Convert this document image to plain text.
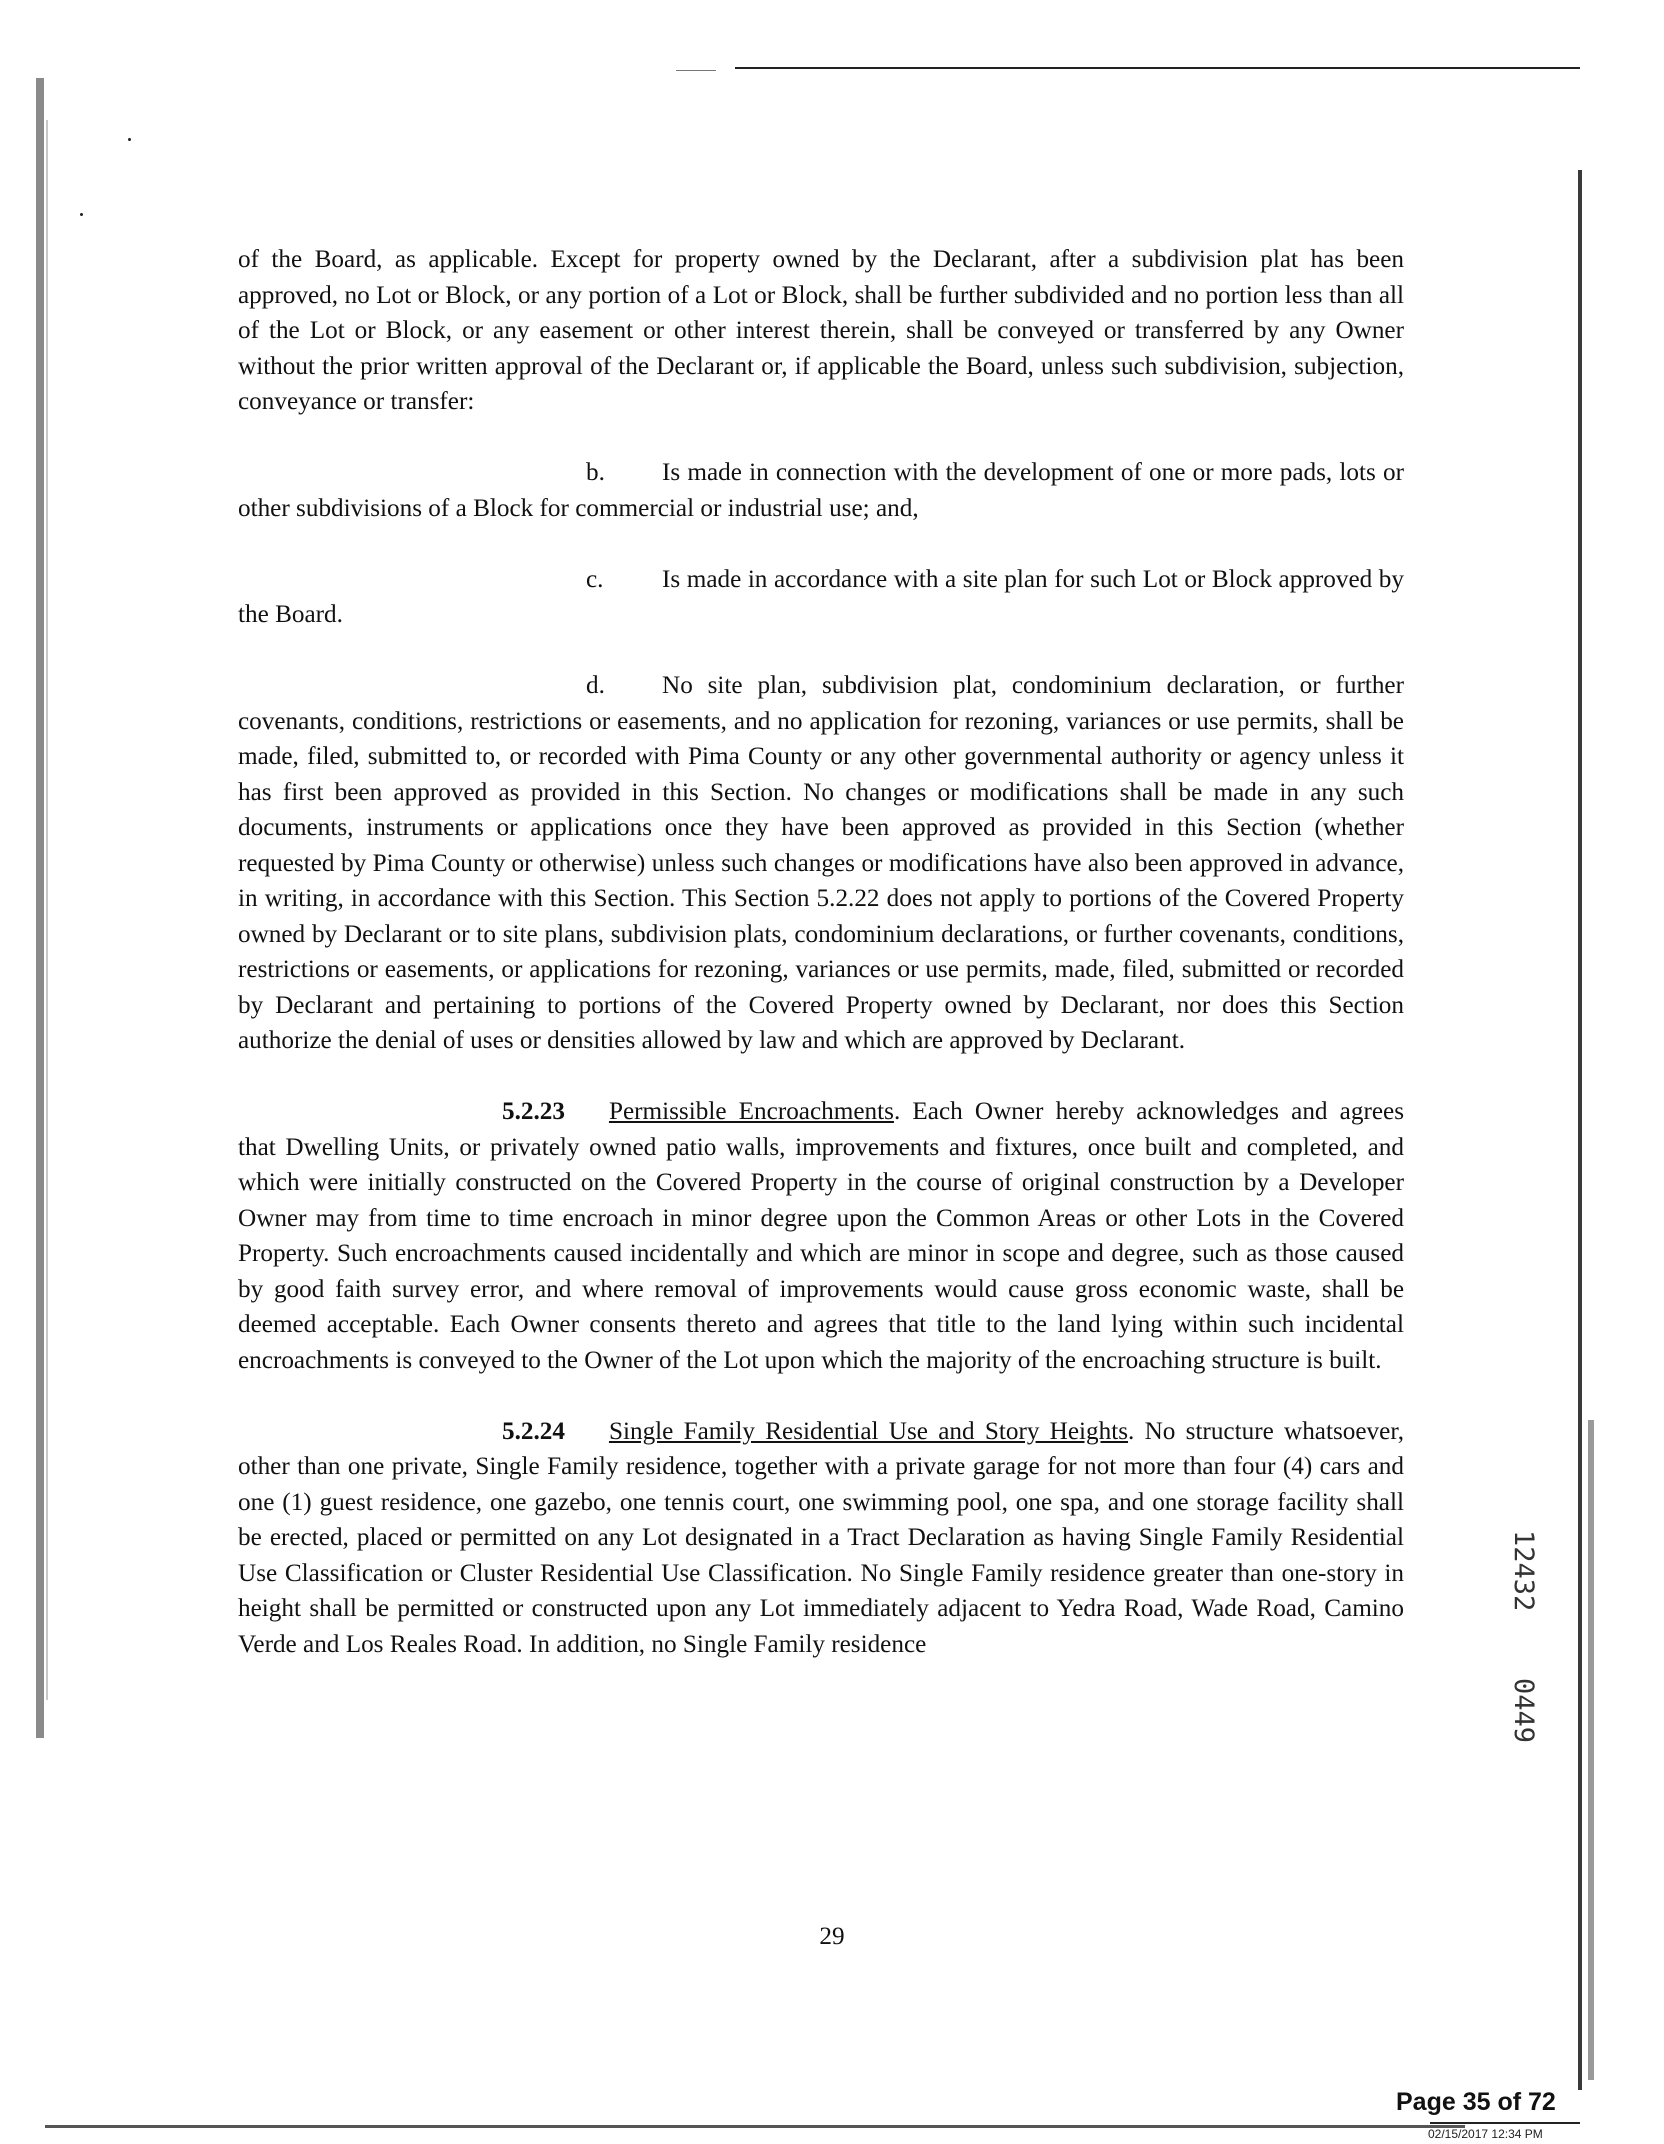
of the Board, as applicable. Except for property owned by the Declarant, after a subdivision plat has been approved, no Lot or Block, or any portion of a Lot or Block, shall be further subdivided and no portion less than all of the Lot or Block, or any easement or other interest therein, shall be conveyed or transferred by any Owner without the prior written approval of the Declarant or, if applicable the Board, unless such subdivision, subjection, conveyance or transfer:

b. Is made in connection with the development of one or more pads, lots or other subdivisions of a Block for commercial or industrial use; and,

c. Is made in accordance with a site plan for such Lot or Block approved by the Board.

d. No site plan, subdivision plat, condominium declaration, or further covenants, conditions, restrictions or easements, and no application for rezoning, variances or use permits, shall be made, filed, submitted to, or recorded with Pima County or any other governmental authority or agency unless it has first been approved as provided in this Section. No changes or modifications shall be made in any such documents, instruments or applications once they have been approved as provided in this Section (whether requested by Pima County or otherwise) unless such changes or modifications have also been approved in advance, in writing, in accordance with this Section. This Section 5.2.22 does not apply to portions of the Covered Property owned by Declarant or to site plans, subdivision plats, condominium declarations, or further covenants, conditions, restrictions or easements, or applications for rezoning, variances or use permits, made, filed, submitted or recorded by Declarant and pertaining to portions of the Covered Property owned by Declarant, nor does this Section authorize the denial of uses or densities allowed by law and which are approved by Declarant.

5.2.23 Permissible Encroachments. Each Owner hereby acknowledges and agrees that Dwelling Units, or privately owned patio walls, improvements and fixtures, once built and completed, and which were initially constructed on the Covered Property in the course of original construction by a Developer Owner may from time to time encroach in minor degree upon the Common Areas or other Lots in the Covered Property. Such encroachments caused incidentally and which are minor in scope and degree, such as those caused by good faith survey error, and where removal of improvements would cause gross economic waste, shall be deemed acceptable. Each Owner consents thereto and agrees that title to the land lying within such incidental encroachments is conveyed to the Owner of the Lot upon which the majority of the encroaching structure is built.

5.2.24 Single Family Residential Use and Story Heights. No structure whatsoever, other than one private, Single Family residence, together with a private garage for not more than four (4) cars and one (1) guest residence, one gazebo, one tennis court, one swimming pool, one spa, and one storage facility shall be erected, placed or permitted on any Lot designated in a Tract Declaration as having Single Family Residential Use Classification or Cluster Residential Use Classification. No Single Family residence greater than one-story in height shall be permitted or constructed upon any Lot immediately adjacent to Yedra Road, Wade Road, Camino Verde and Los Reales Road. In addition, no Single Family residence

29
12432  0449
Page 35 of 72
02/15/2017 12:34 PM
